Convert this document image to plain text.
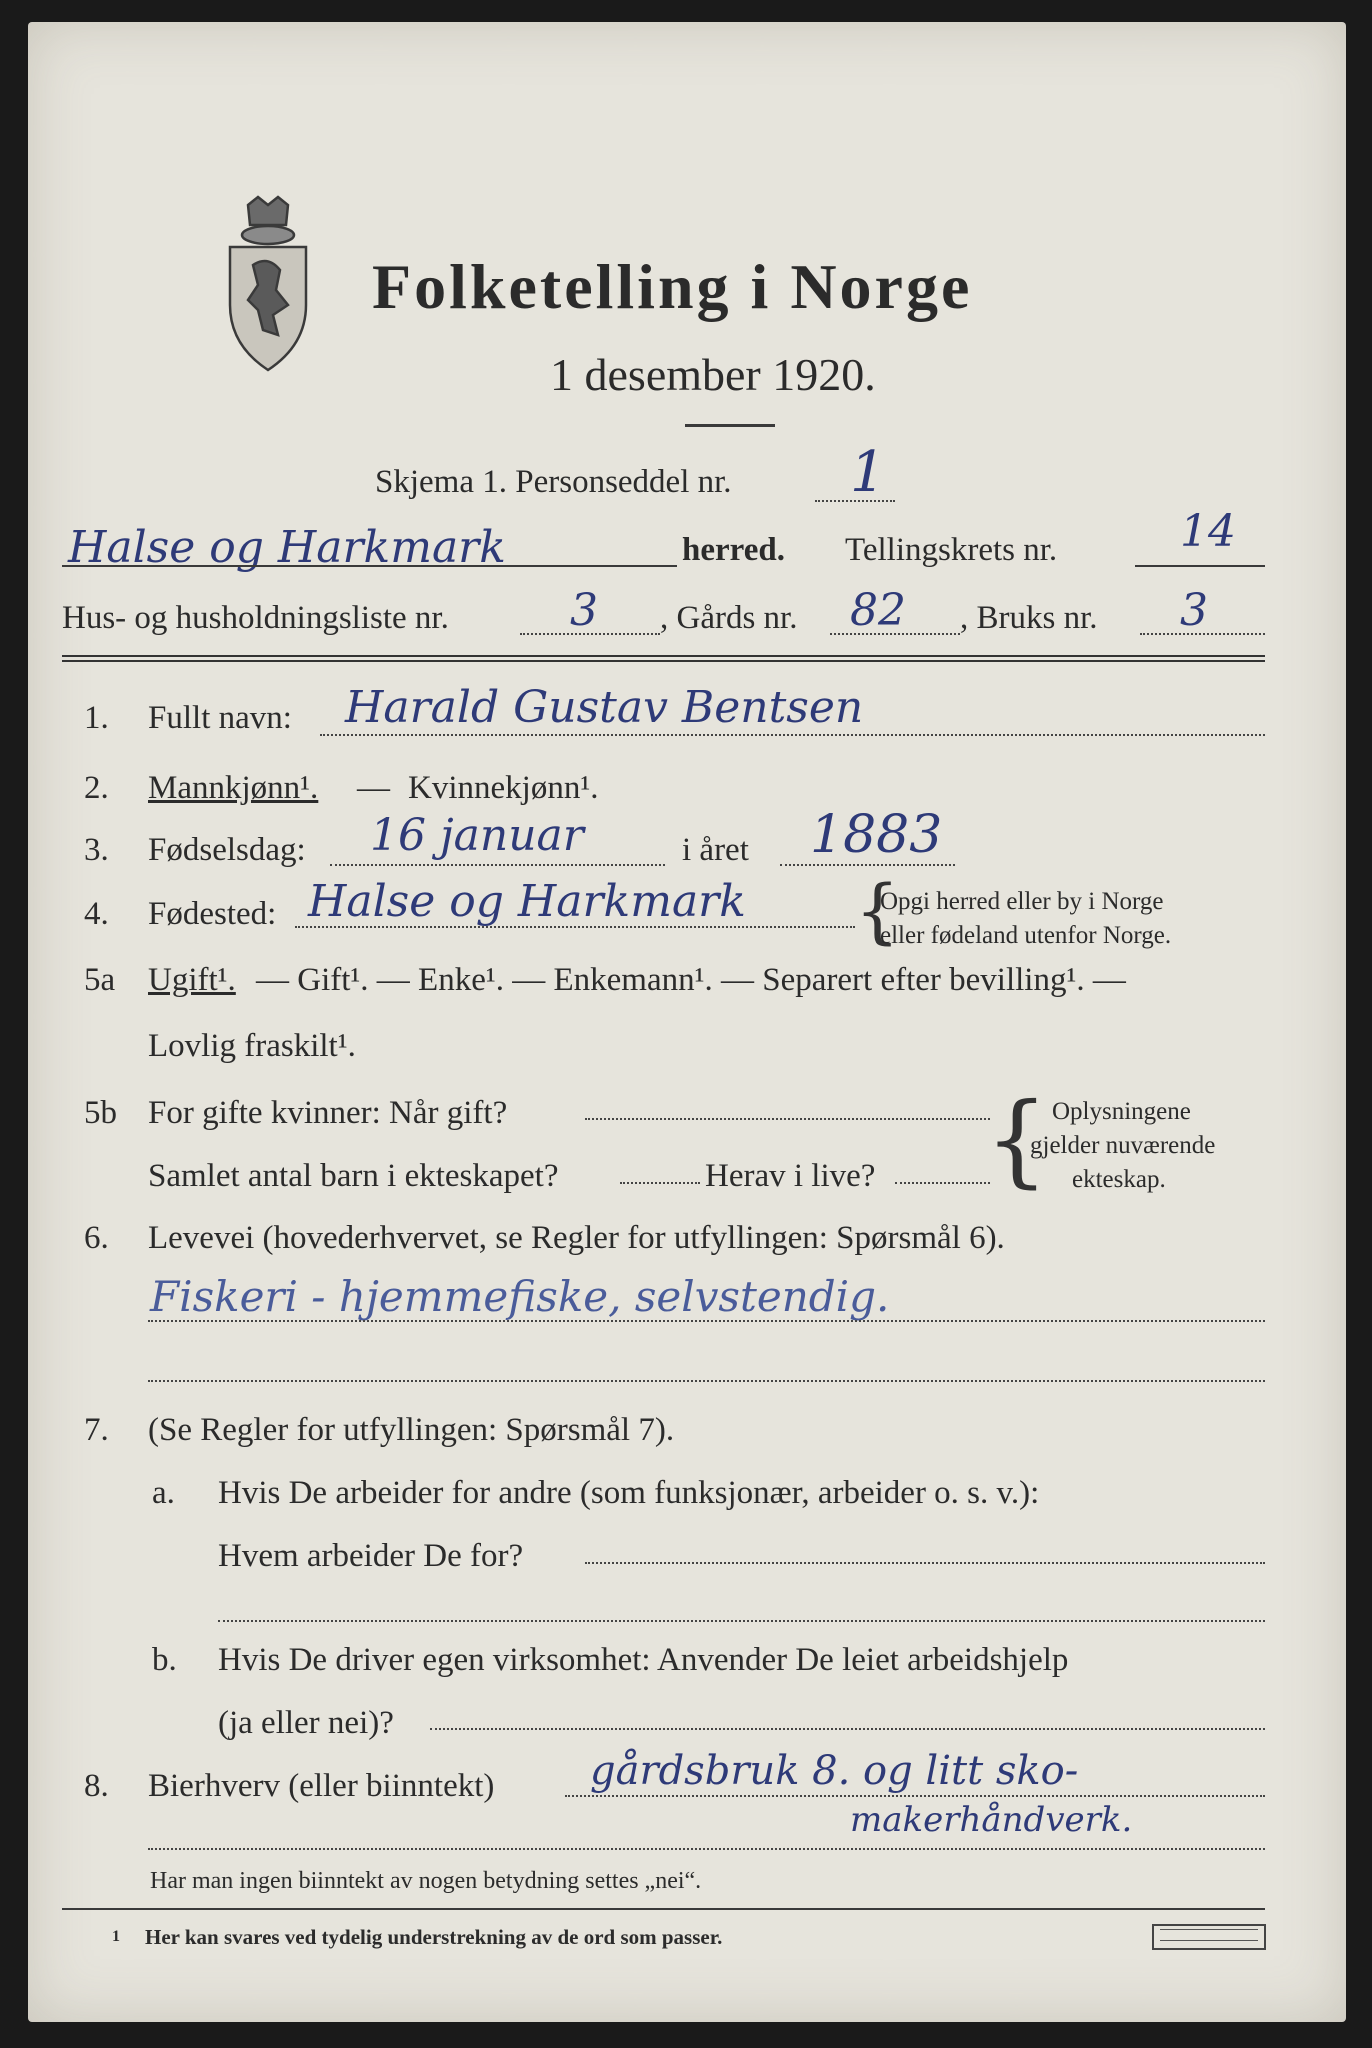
Folketelling i Norge
1 desember 1920.
Skjema 1. Personseddel nr. 1
Halse og Harkmark	herred. Tellingskrets nr.	14
Hus- og husholdningsliste nr.	3 , Gårds nr. 82 , Bruks nr. 3
1. Fullt navn: Harald Gustav Bentsen
2. Mannkjønn¹. — Kvinnekjønn¹.
3. Fødselsdag: 16 januar	i året 1883
4. Fødested: Halse og Harkmark {
Opgi herred eller by i Norge
eller fødeland utenfor Norge.
5a Ugift¹. — Gift¹. — Enke¹. — Enkemann¹. — Separert efter bevilling¹. —
Lovlig fraskilt¹.
5b For gifte kvinner: Når gift?
Samlet antal barn i ekteskapet?	Herav i live? { Oplysningene
gjelder nuværende
ekteskap.
6. Levevei (hovederhvervet, se Regler for utfyllingen: Spørsmål 6).
Fiskeri - hjemmefiske, selvstendig.
7. (Se Regler for utfyllingen: Spørsmål 7).
a. Hvis De arbeider for andre (som funksjonær, arbeider o. s. v.):
Hvem arbeider De for?
b. Hvis De driver egen virksomhet: Anvender De leiet arbeidshjelp
(ja eller nei)?
8. Bierhverv (eller biinntekt) gårdsbruk 8. og litt sko-
makerhåndverk.
Har man ingen biinntekt av nogen betydning settes „nei“.
1 Her kan svares ved tydelig understrekning av de ord som passer.
